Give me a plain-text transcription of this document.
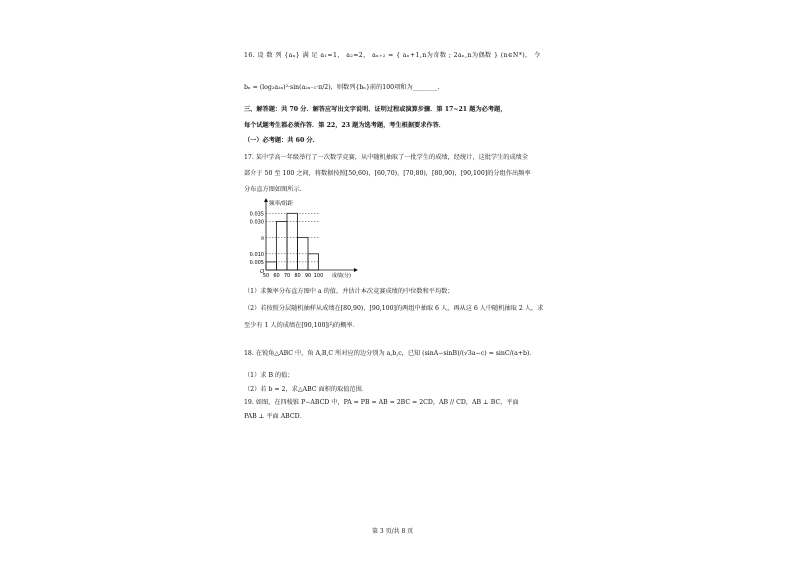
16. 设 数 列 {aₙ} 满 足 a₁=1， a₂=2， aₙ₊₂ = { aₙ+1,n为奇数 ; 2aₙ,n为偶数 } (n∈N*)， 令
bₙ = (log₂a₂ₙ)²·sin(a₂ₙ₋₁·π/2)，则数列{bₙ}前的100项和为________.
三、解答题：共 70 分．解答应写出文字说明、证明过程或演算步骤．第 17~21 题为必考题，
每个试题考生都必须作答．第 22，23 题为选考题，考生根据要求作答．
（一）必考题：共 60 分．
17. 某中学高一年级举行了一次数学竞赛，从中随机抽取了一批学生的成绩，经统计，这批学生的成绩全
部介于 50 至 100 之间，将数据按照[50,60)，[60,70)，[70,80)，[80,90)，[90,100]的分组作出频率
分布直方图如图所示．
0.035
0.030
a
0.010
0.005
50 60 70 80 90 100
频率/组距
成绩(分)
O
（1）求频率分布直方图中 a 的值，并估计本次竞赛成绩的中位数和平均数；
（2）若按照分层随机抽样从成绩在[80,90)，[90,100]的两组中抽取 6 人，再从这 6 人中随机抽取 2 人，求
至少有 1 人的成绩在[90,100]内的概率．
18. 在锐角△ABC 中，角 A,B,C 所对应的边分别为 a,b,c，已知 (sinA−sinB)/(√3a−c) = sinC/(a+b)．
（1）求 B 的值；
（2）若 b = 2，求△ABC 面积的取值范围．
19. 如图，在四棱锥 P−ABCD 中，PA = PB = AB = 2BC = 2CD，AB // CD，AB ⊥ BC，平面
PAB ⊥ 平面 ABCD．
第 3 页/共 8 页
